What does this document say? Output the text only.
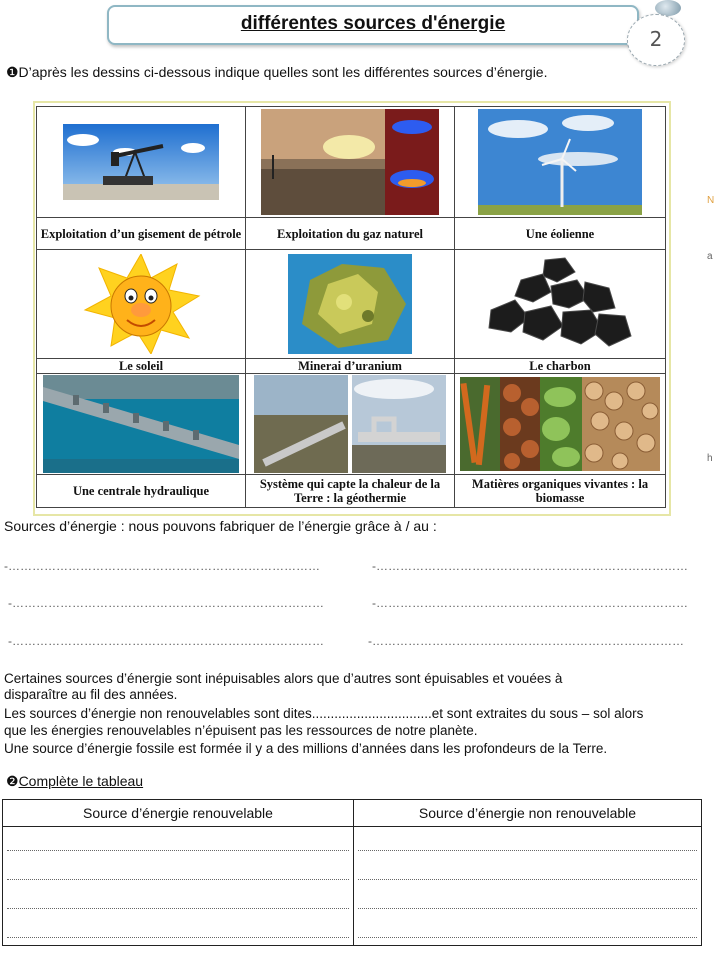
différentes sources d'énergie
2
❶D’après les dessins ci-dessous indique quelles sont les différentes sources d’énergie.

Exploitation d’un gisement de pétrole	Exploitation du gaz naturel	Une éolienne

Le soleil	Minerai d’uranium	Le charbon

Une centrale hydraulique	Système qui capte la chaleur de la Terre : la géothermie	Matières organiques vivantes : la biomasse
Sources d’énergie : nous pouvons fabriquer de l’énergie grâce à / au :
-……………………………………………………………………	-……………………………………………………………………
-……………………………………………………………………	-……………………………………………………………………
-……………………………………………………………………	-……………………………………………………………………
Certaines sources d’énergie sont inépuisables alors que d’autres sont épuisables et vouées à
disparaître au fil des années.
Les sources d’énergie non renouvelables sont dites................................et sont extraites du sous – sol alors
que les énergies renouvelables n’épuisent pas les ressources de notre planète.
Une source d’énergie fossile est formée il y a des millions d’années dans les profondeurs de la Terre.
❷Complète le tableau
Source d’énergie renouvelable	Source d’énergie non renouvelable

N
a
h
